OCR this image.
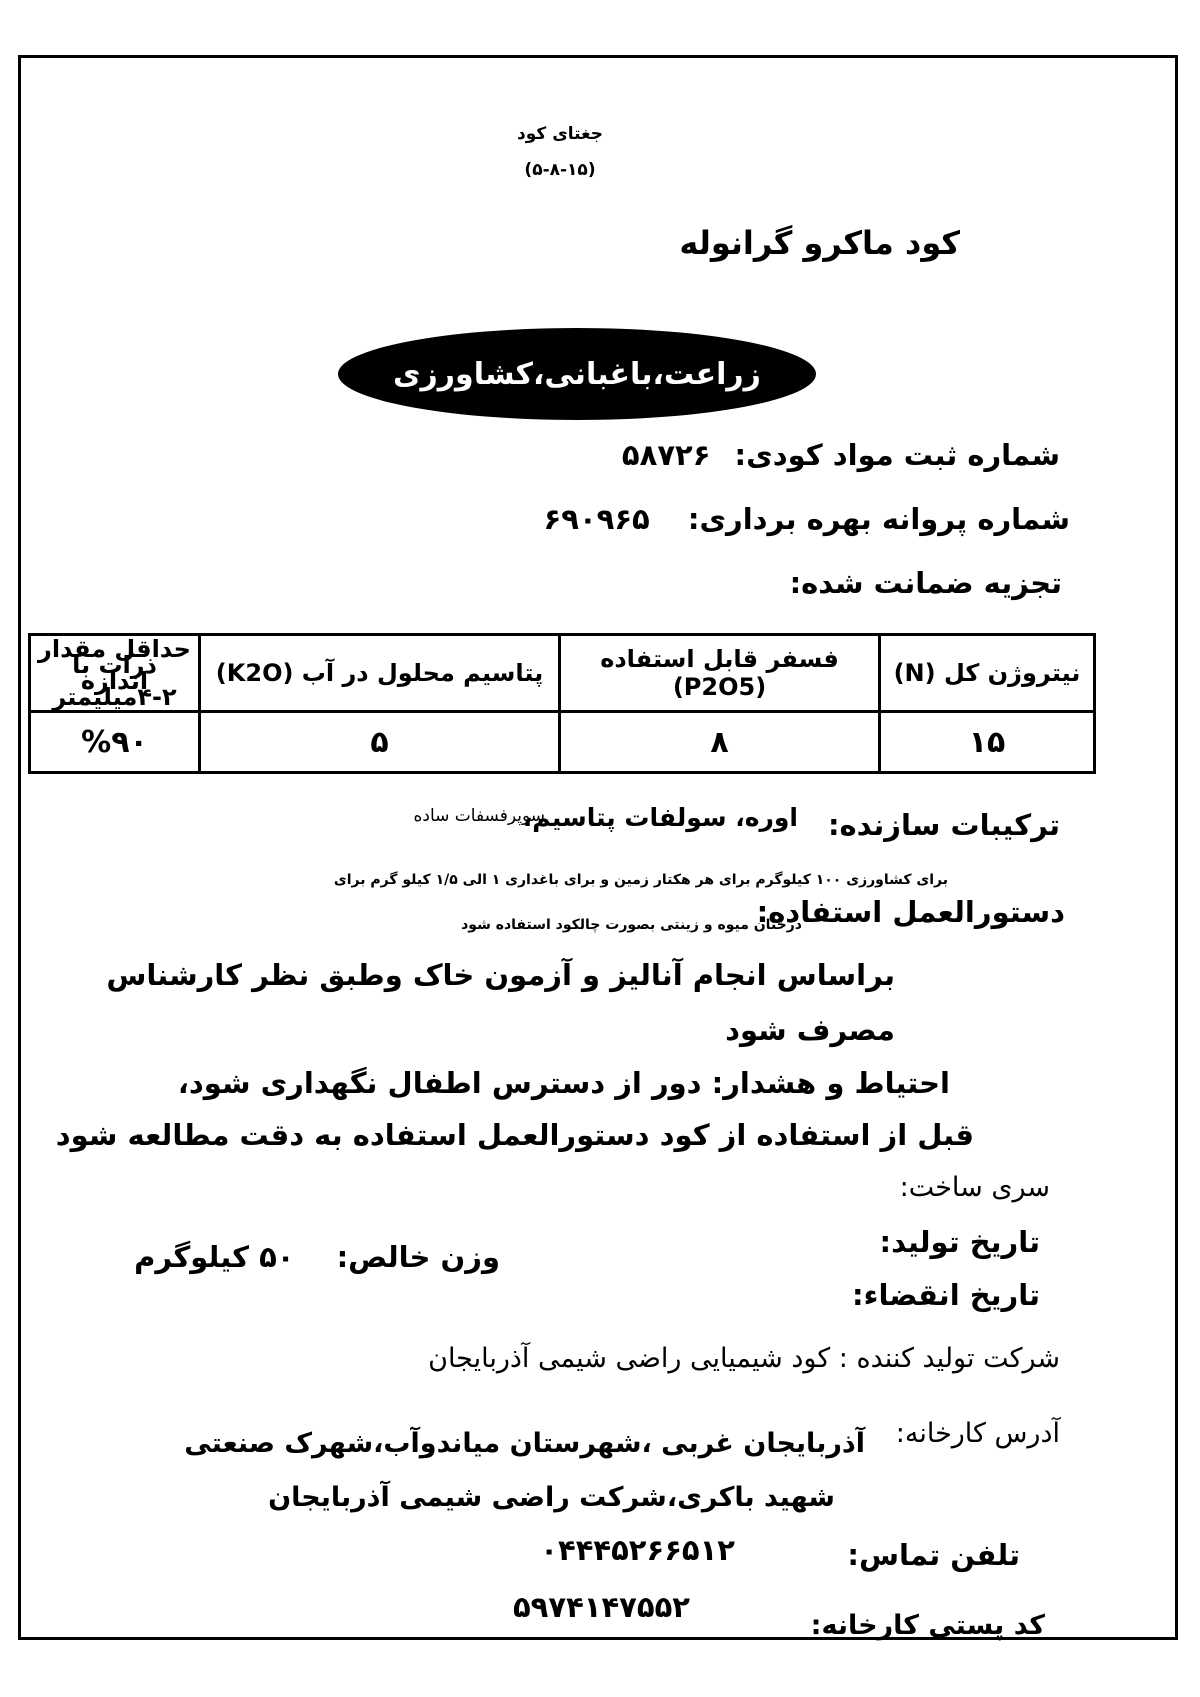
جغتای کود
(۵-۸-۱۵)
کود ماکرو گرانوله
زراعت،باغبانی،کشاورزی
شماره ثبت مواد کودی: ۵۸۷۲۶
شماره پروانه بهره برداری: ۶۹۰۹۶۵
تجزیه ضمانت شده:
نیتروژن کل (N)	فسفر قابل استفاده (P2O5)	پتاسیم محلول در آب (K2O)	حداقل مقدار ذرات با اندازه ۲-۴میلیمتر
۱۵	۸	۵	%۹۰
ترکیبات سازنده:
اوره، سولفات پتاسیم،
سوپرفسفات ساده
برای کشاورزی ۱۰۰ کیلوگرم برای هر هکتار زمین و برای باغداری ۱ الی ۱/۵ کیلو گرم برای
دستورالعمل استفاده:
درختان میوه و زینتی بصورت چالکود استفاده شود
براساس انجام آنالیز و آزمون خاک وطبق نظر کارشناس
مصرف شود
احتیاط و هشدار: دور از دسترس اطفال نگهداری شود،
قبل از استفاده از کود دستورالعمل استفاده به دقت مطالعه شود
سری ساخت:
تاریخ تولید:
وزن خالص: ۵۰ کیلوگرم
تاریخ انقضاء:
شرکت تولید کننده : کود شیمیایی راضی شیمی آذربایجان
آدرس کارخانه:
آذربایجان غربی ،شهرستان میاندوآب،شهرک صنعتی
شهید باکری،شرکت راضی شیمی آذربایجان
تلفن تماس:
۰۴۴۴۵۲۶۶۵۱۲
۵۹۷۴۱۴۷۵۵۲
کد پستی کارخانه:
